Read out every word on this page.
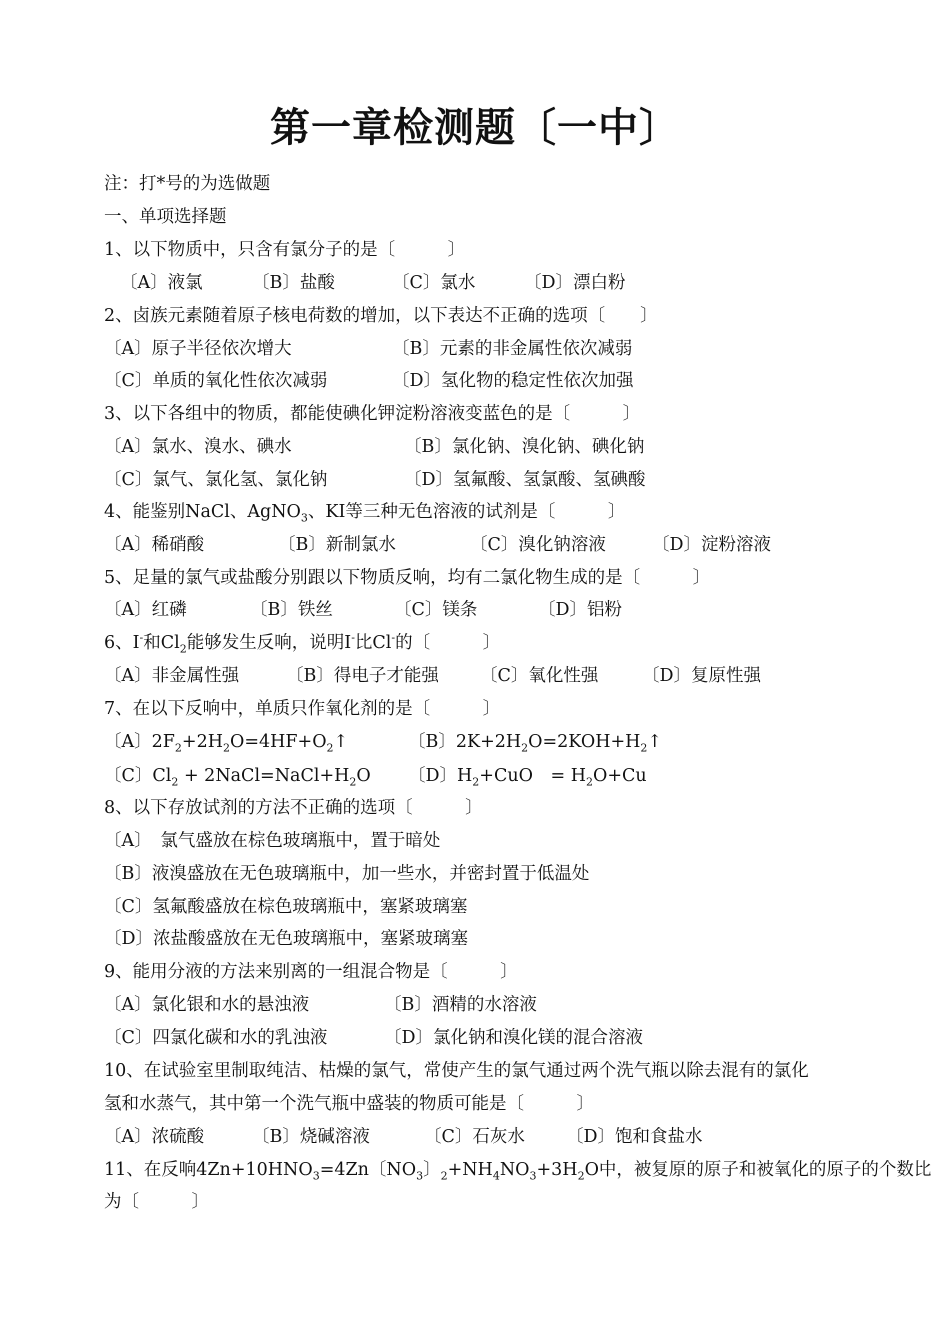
第一章检测题〔一中〕
注：打*号的为选做题
一、单项选择题
1、以下物质中，只含有氯分子的是〔　　　〕
〔A〕液氯	〔B〕盐酸	〔C〕氯水	〔D〕漂白粉
2、卤族元素随着原子核电荷数的增加，以下表达不正确的选项〔　　〕
〔A〕原子半径依次增大	〔B〕元素的非金属性依次减弱
〔C〕单质的氧化性依次减弱	〔D〕氢化物的稳定性依次加强
3、以下各组中的物质，都能使碘化钾淀粉溶液变蓝色的是〔　　　〕
〔A〕氯水、溴水、碘水	〔B〕氯化钠、溴化钠、碘化钠
〔C〕氯气、氯化氢、氯化钠	〔D〕氢氟酸、氢氯酸、氢碘酸
4、能鉴别NaCl、AgNO$_3$、KI等三种无色溶液的试剂是〔　　　〕
〔A〕稀硝酸	〔B〕新制氯水	〔C〕溴化钠溶液	〔D〕淀粉溶液
5、足量的氯气或盐酸分别跟以下物质反响，均有二氯化物生成的是〔　　　〕
〔A〕红磷	〔B〕铁丝	〔C〕镁条	〔D〕铝粉
6、I-和$Cl_2$能够发生反响，说明I-比Cl-的〔　　　〕
〔A〕非金属性强	〔B〕得电子才能强 〔C〕氧化性强 〔D〕复原性强
7、在以下反响中，单质只作氧化剂的是〔　　　〕
〔A〕$2F_2+2H_2O=4HF+O_2↑$	〔B〕$2K+2H_2O=2KOH+H_2↑$
〔C〕$Cl_2$ + $2NaCl=NaCl+H_2O$ 〔D〕$H_2+CuO$　= $H_2O+Cu$
8、以下存放试剂的方法不正确的选项〔　　　〕
〔A〕　氯气盛放在棕色玻璃瓶中，置于暗处
〔B〕液溴盛放在无色玻璃瓶中，加一些水，并密封置于低温处
〔C〕氢氟酸盛放在棕色玻璃瓶中，塞紧玻璃塞
〔D〕浓盐酸盛放在无色玻璃瓶中，塞紧玻璃塞
9、能用分液的方法来别离的一组混合物是〔　　　〕
〔A〕氯化银和水的悬浊液	〔B〕酒精的水溶液
〔C〕四氯化碳和水的乳浊液	〔D〕氯化钠和溴化镁的混合溶液
10、在试验室里制取纯洁、枯燥的氯气，常使产生的氯气通过两个洗气瓶以除去混有的氯化
氢和水蒸气，其中第一个洗气瓶中盛装的物质可能是〔　　　〕
〔A〕浓硫酸	〔B〕烧碱溶液	〔C〕石灰水 〔D〕饱和食盐水
11、在反响$4Zn+10HNO_3=4Zn$〔$NO_3$〕$_2+NH_4NO_3+3H_2O$中，被复原的原子和被氧化的原子的个数比
为〔　　　〕
